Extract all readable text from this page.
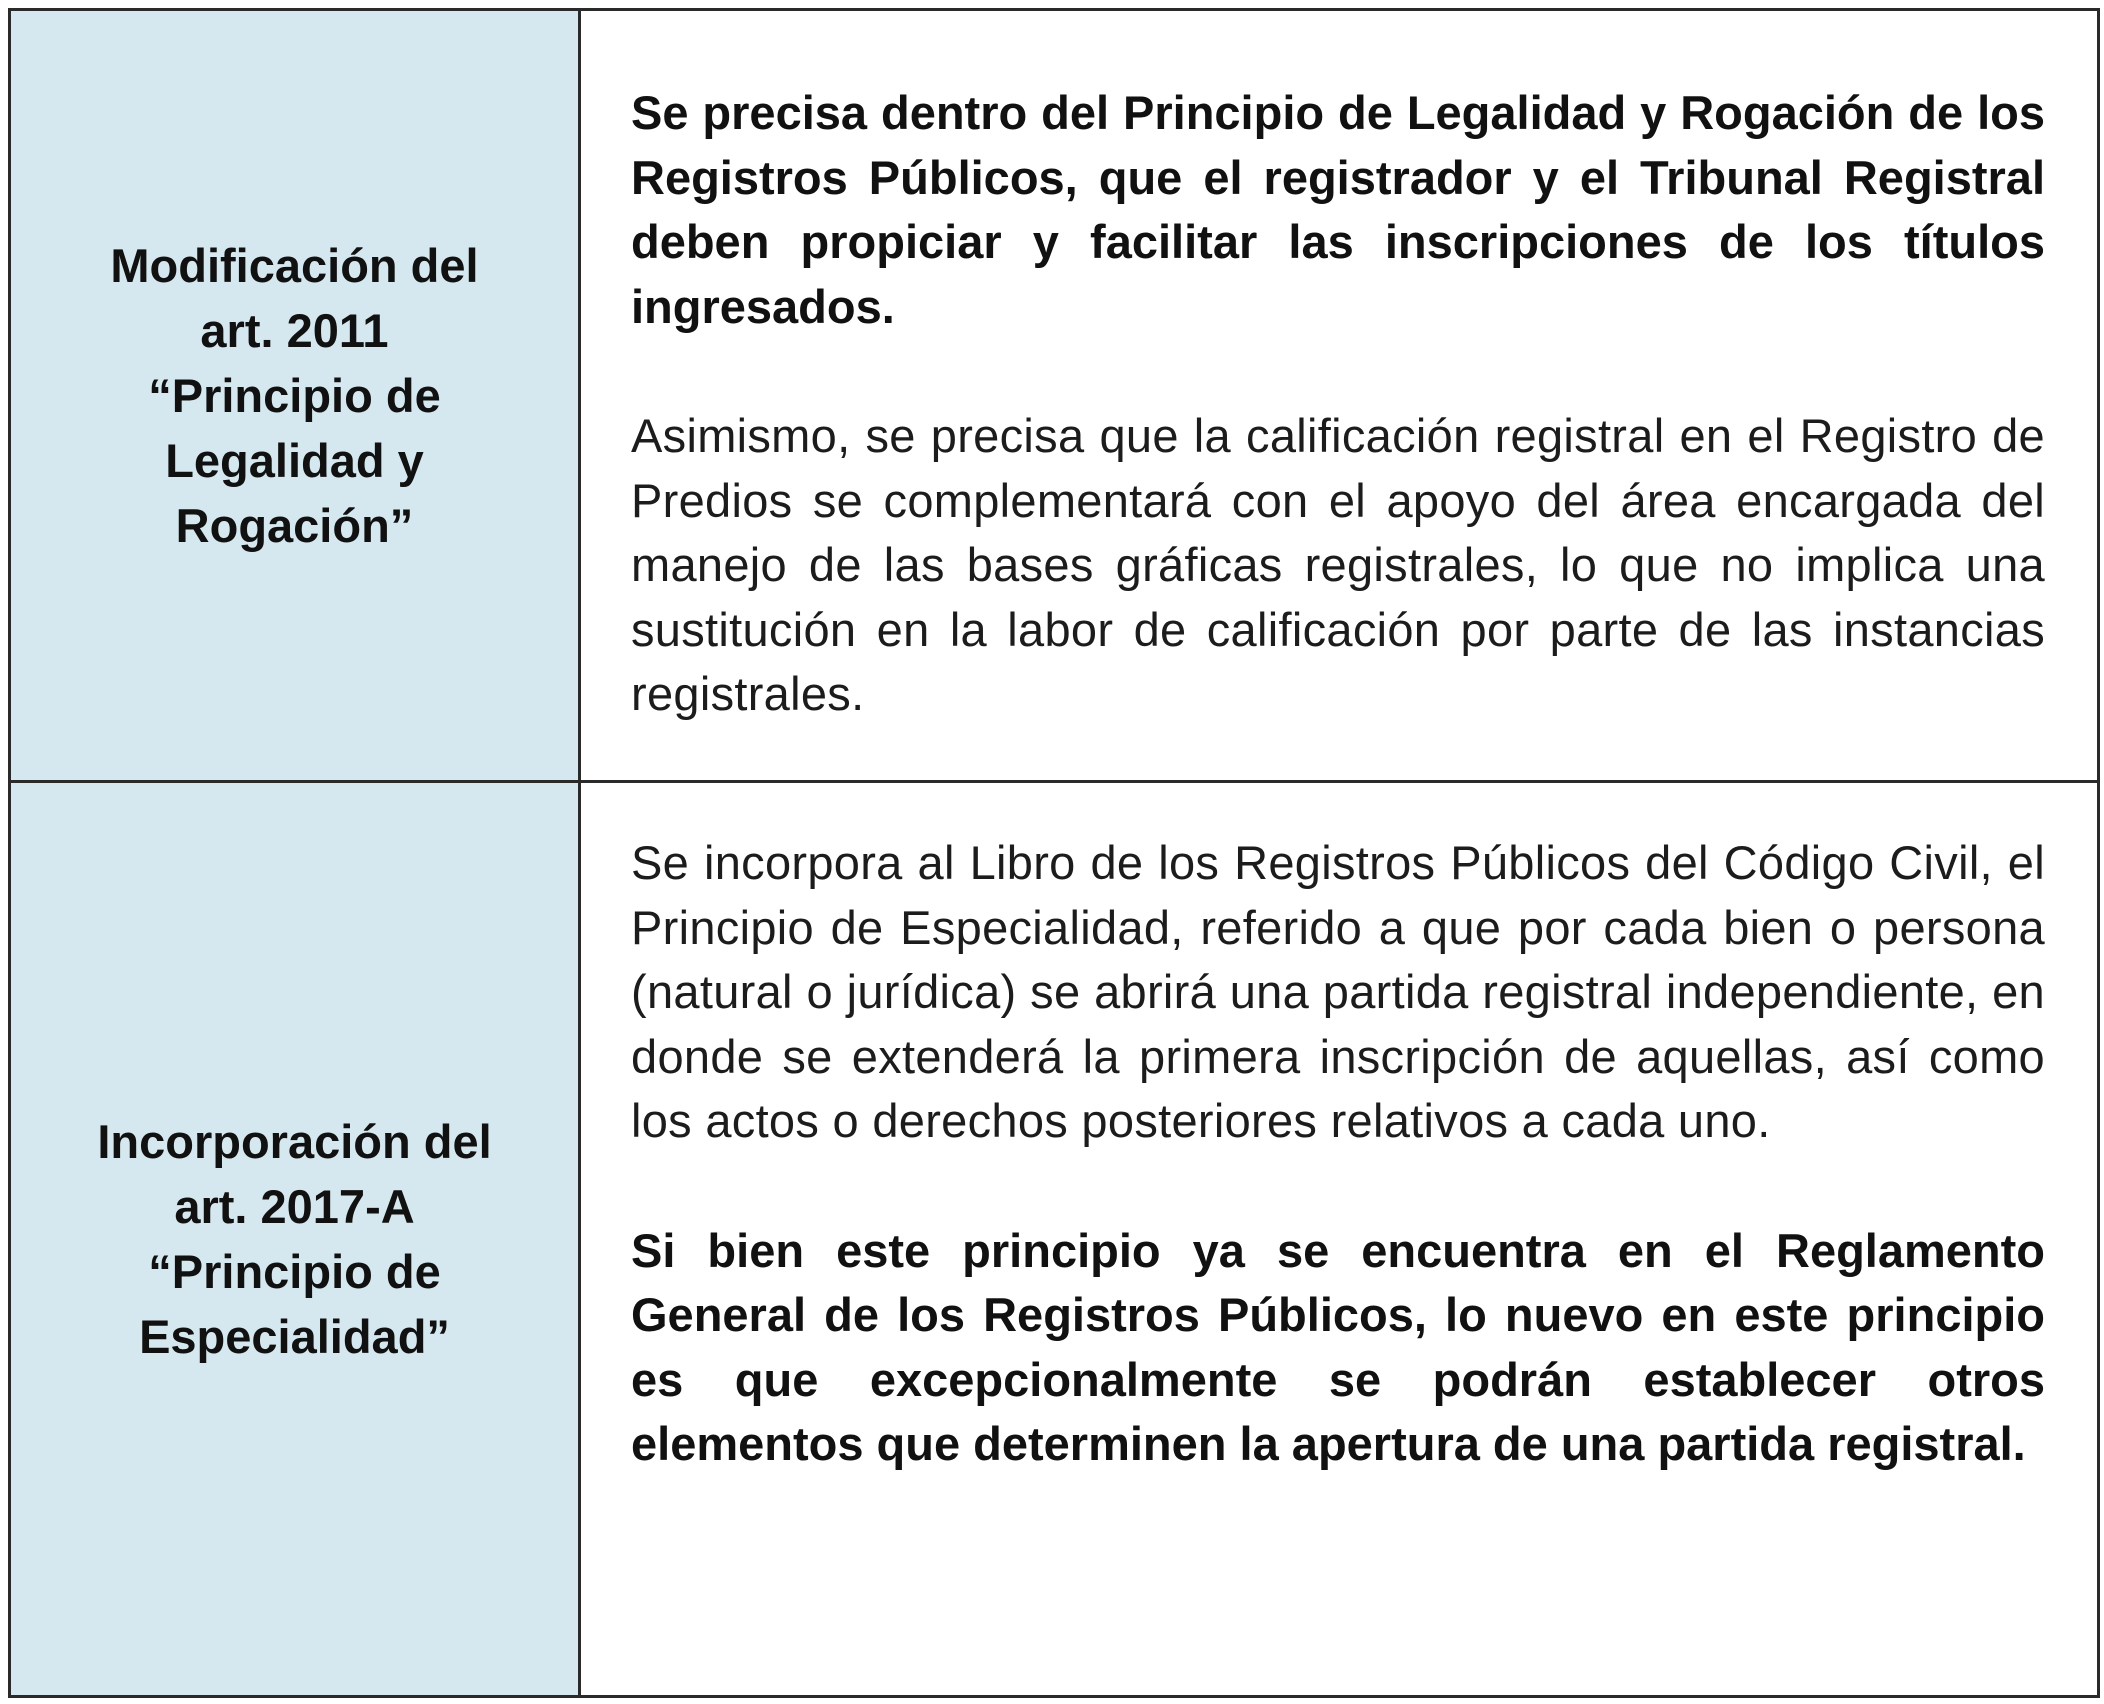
Modificación del
art. 2011
“Principio de
Legalidad y
Rogación”

Se precisa dentro del Principio de Legalidad y Rogación de los Registros Públicos, que el registrador y el Tribunal Registral deben propiciar y facilitar las inscripciones de los títulos ingresados.

Asimismo, se precisa que la calificación registral en el Registro de Predios se complementará con el apoyo del área encargada del manejo de las bases gráficas registrales, lo que no implica una sustitución en la labor de calificación por parte de las instancias registrales.

Incorporación del
art. 2017-A
“Principio de
Especialidad”

Se incorpora al Libro de los Registros Públicos del Código Civil, el Principio de Especialidad, referido a que por cada bien o persona (natural o jurídica) se abrirá una partida registral independiente, en donde se extenderá la primera inscripción de aquellas, así como los actos o derechos posteriores relativos a cada uno.

Si bien este principio ya se encuentra en el Reglamento General de los Registros Públicos, lo nuevo en este principio es que excepcionalmente se podrán establecer otros elementos que determinen la apertura de una partida registral.
